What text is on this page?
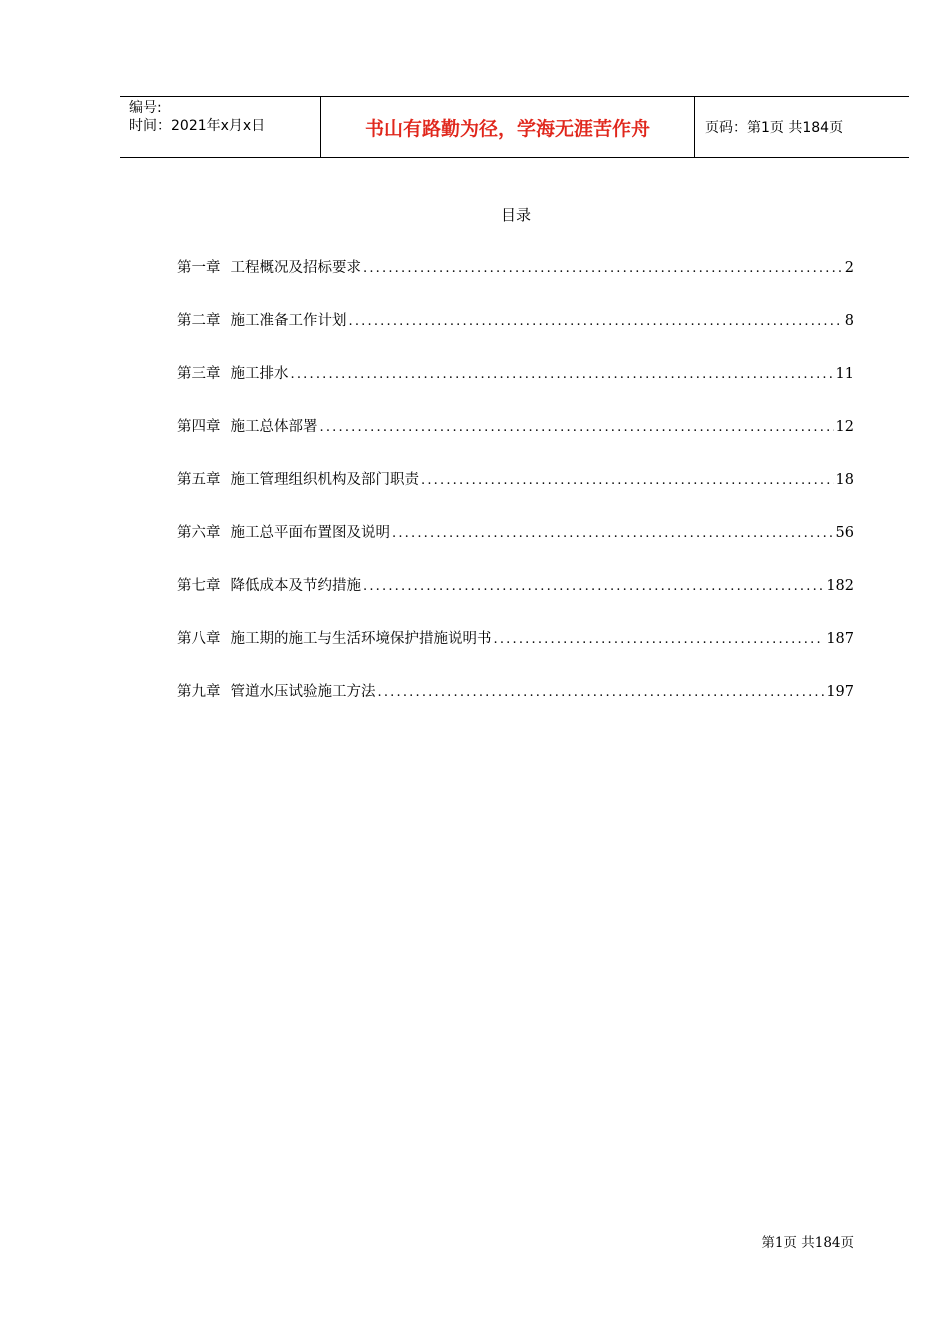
编号:
时间：2021年x月x日	书山有路勤为径，学海无涯苦作舟	页码：第1页 共184页
目录
第一章 工程概况及招标要求 .....	2
第二章 施工准备工作计划 .....	8
第三章 施工排水 .....	11
第四章 施工总体部署 .....	12
第五章 施工管理组织机构及部门职责 .....	18
第六章 施工总平面布置图及说明 .....	56
第七章 降低成本及节约措施 .....	182
第八章 施工期的施工与生活环境保护措施说明书 .....	187
第九章 管道水压试验施工方法 .....	197
第1页 共184页
